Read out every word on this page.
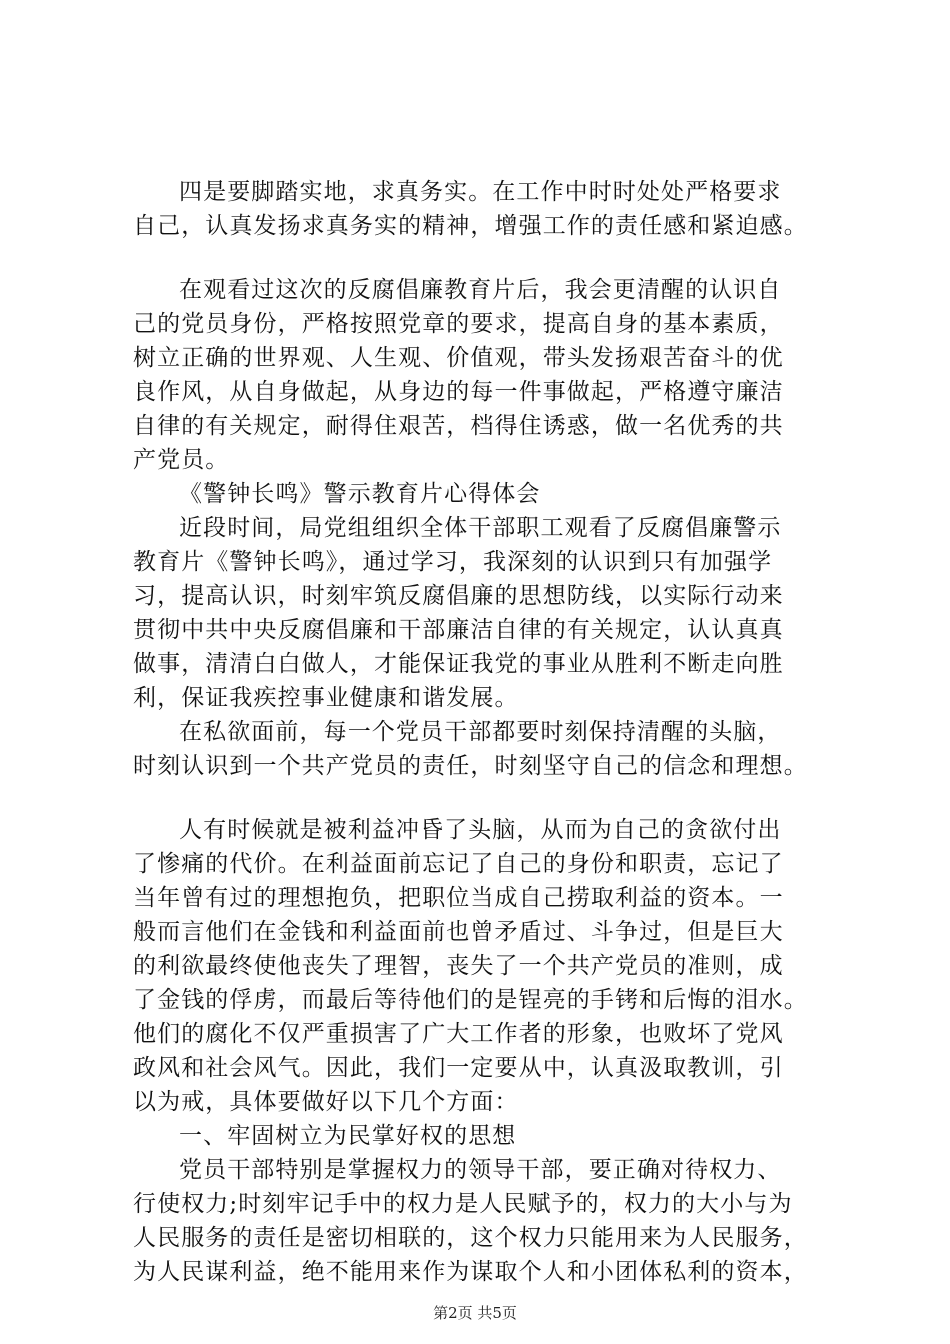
四是要脚踏实地，求真务实。在工作中时时处处严格要求
自己，认真发扬求真务实的精神，增强工作的责任感和紧迫感。
在观看过这次的反腐倡廉教育片后，我会更清醒的认识自
己的党员身份，严格按照党章的要求，提高自身的基本素质，
树立正确的世界观、人生观、价值观，带头发扬艰苦奋斗的优
良作风，从自身做起，从身边的每一件事做起，严格遵守廉洁
自律的有关规定，耐得住艰苦，档得住诱惑，做一名优秀的共
产党员。
《警钟长鸣》警示教育片心得体会
近段时间，局党组组织全体干部职工观看了反腐倡廉警示
教育片《警钟长鸣》，通过学习，我深刻的认识到只有加强学
习，提高认识，时刻牢筑反腐倡廉的思想防线，以实际行动来
贯彻中共中央反腐倡廉和干部廉洁自律的有关规定，认认真真
做事，清清白白做人，才能保证我党的事业从胜利不断走向胜
利，保证我疾控事业健康和谐发展。
在私欲面前，每一个党员干部都要时刻保持清醒的头脑，
时刻认识到一个共产党员的责任，时刻坚守自己的信念和理想。
人有时候就是被利益冲昏了头脑，从而为自己的贪欲付出
了惨痛的代价。在利益面前忘记了自己的身份和职责，忘记了
当年曾有过的理想抱负，把职位当成自己捞取利益的资本。一
般而言他们在金钱和利益面前也曾矛盾过、斗争过，但是巨大
的利欲最终使他丧失了理智，丧失了一个共产党员的准则，成
了金钱的俘虏，而最后等待他们的是锃亮的手铐和后悔的泪水。
他们的腐化不仅严重损害了广大工作者的形象，也败坏了党风
政风和社会风气。因此，我们一定要从中，认真汲取教训，引
以为戒，具体要做好以下几个方面：
一、牢固树立为民掌好权的思想
党员干部特别是掌握权力的领导干部，要正确对待权力、
行使权力;时刻牢记手中的权力是人民赋予的，权力的大小与为
人民服务的责任是密切相联的，这个权力只能用来为人民服务，
为人民谋利益，绝不能用来作为谋取个人和小团体私利的资本，
第2页 共5页
